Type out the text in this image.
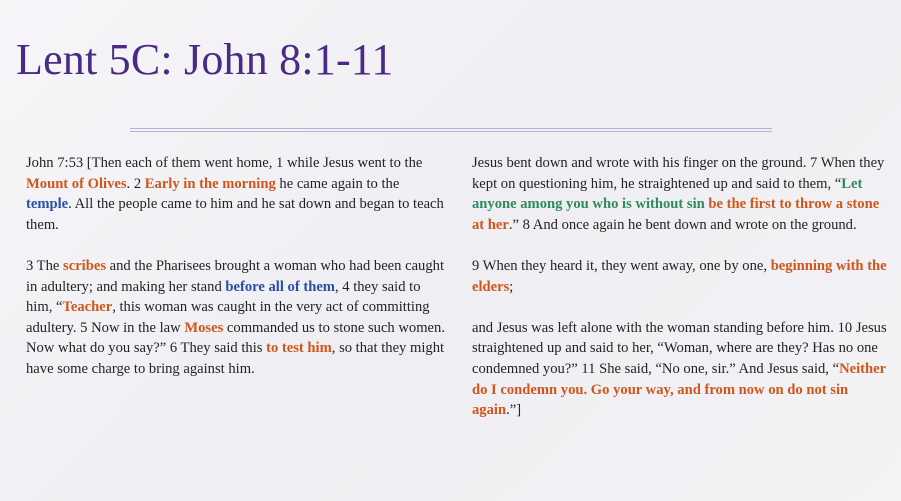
Lent 5C: John 8:1-11

John 7:53 [Then each of them went home, 1 while Jesus went to the Mount of Olives. 2 Early in the morning he came again to the temple. All the people came to him and he sat down and began to teach them.

3 The scribes and the Pharisees brought a woman who had been caught in adultery; and making her stand before all of them, 4 they said to him, “Teacher, this woman was caught in the very act of committing adultery. 5 Now in the law Moses commanded us to stone such women. Now what do you say?” 6 They said this to test him, so that they might have some charge to bring against him.

Jesus bent down and wrote with his finger on the ground. 7 When they kept on questioning him, he straightened up and said to them, “Let anyone among you who is without sin be the first to throw a stone at her.” 8 And once again he bent down and wrote on the ground.

9 When they heard it, they went away, one by one, beginning with the elders;

and Jesus was left alone with the woman standing before him. 10 Jesus straightened up and said to her, “Woman, where are they? Has no one condemned you?” 11 She said, “No one, sir.” And Jesus said, “Neither do I condemn you. Go your way, and from now on do not sin again.”]
